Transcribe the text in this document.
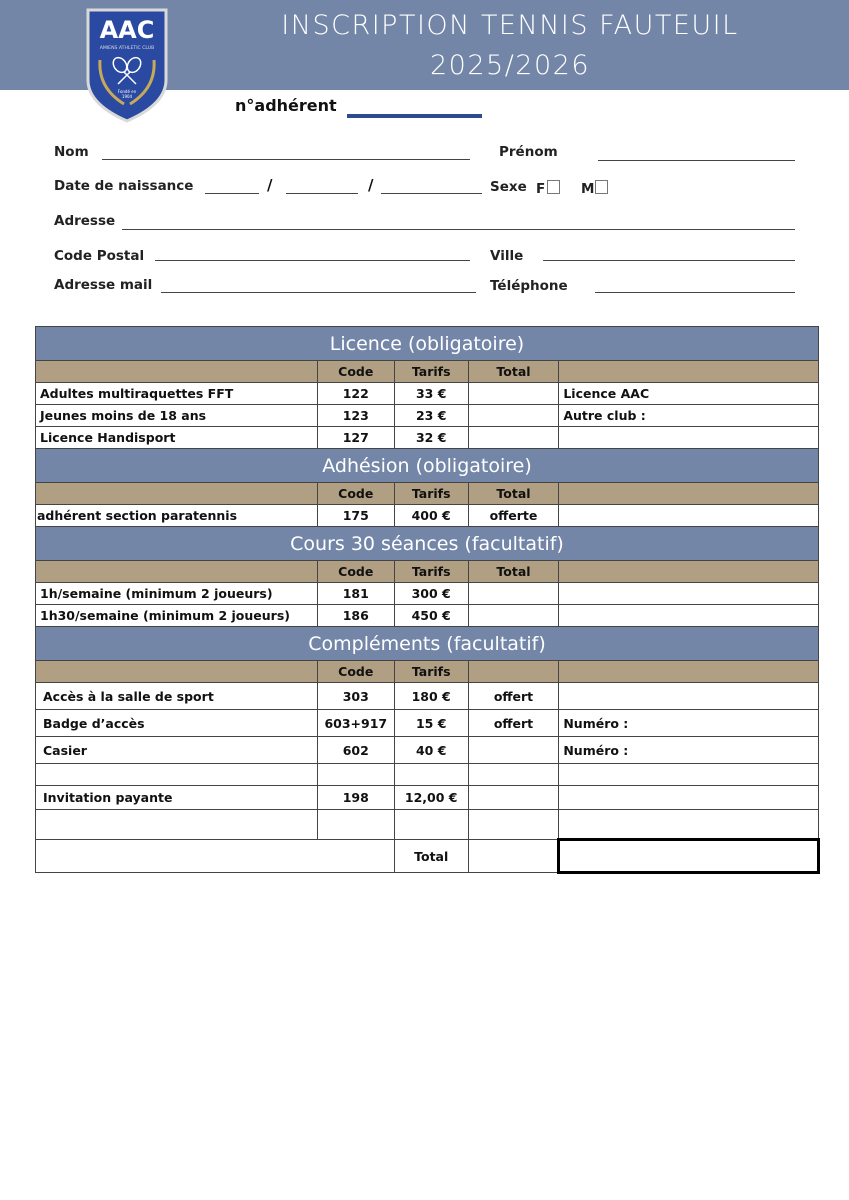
INSCRIPTION TENNIS FAUTEUIL
2025/2026
AAC
AMIENS ATHLETIC CLUB
Fondé en
1904	n°adhérent
Nom	Prénom
Date de naissance	/	/	Sexe F	M
Adresse
Code Postal	Ville
Adresse mail	Téléphone
Licence (obligatoire)				
	Code	Tarifs	Total	
Adultes multiraquettes FFT	122	33 €		Licence AAC
Jeunes moins de 18 ans	123	23 €		Autre club :
Licence Handisport	127	32 €		
Adhésion (obligatoire)				
	Code	Tarifs	Total	
adhérent section paratennis	175	400 €	offerte	
Cours 30 séances (facultatif)				
	Code	Tarifs	Total	
1h/semaine (minimum 2 joueurs)	181	300 €		
1h30/semaine (minimum 2 joueurs)	186	450 €		
Compléments (facultatif)				
	Code	Tarifs		
Accès à la salle de sport	303	180 €	offert	
Badge d’accès	603+917	15 €	offert	Numéro :
Casier	602	40 €		Numéro :

Invitation payante	198	12,00 €		

		Total		
